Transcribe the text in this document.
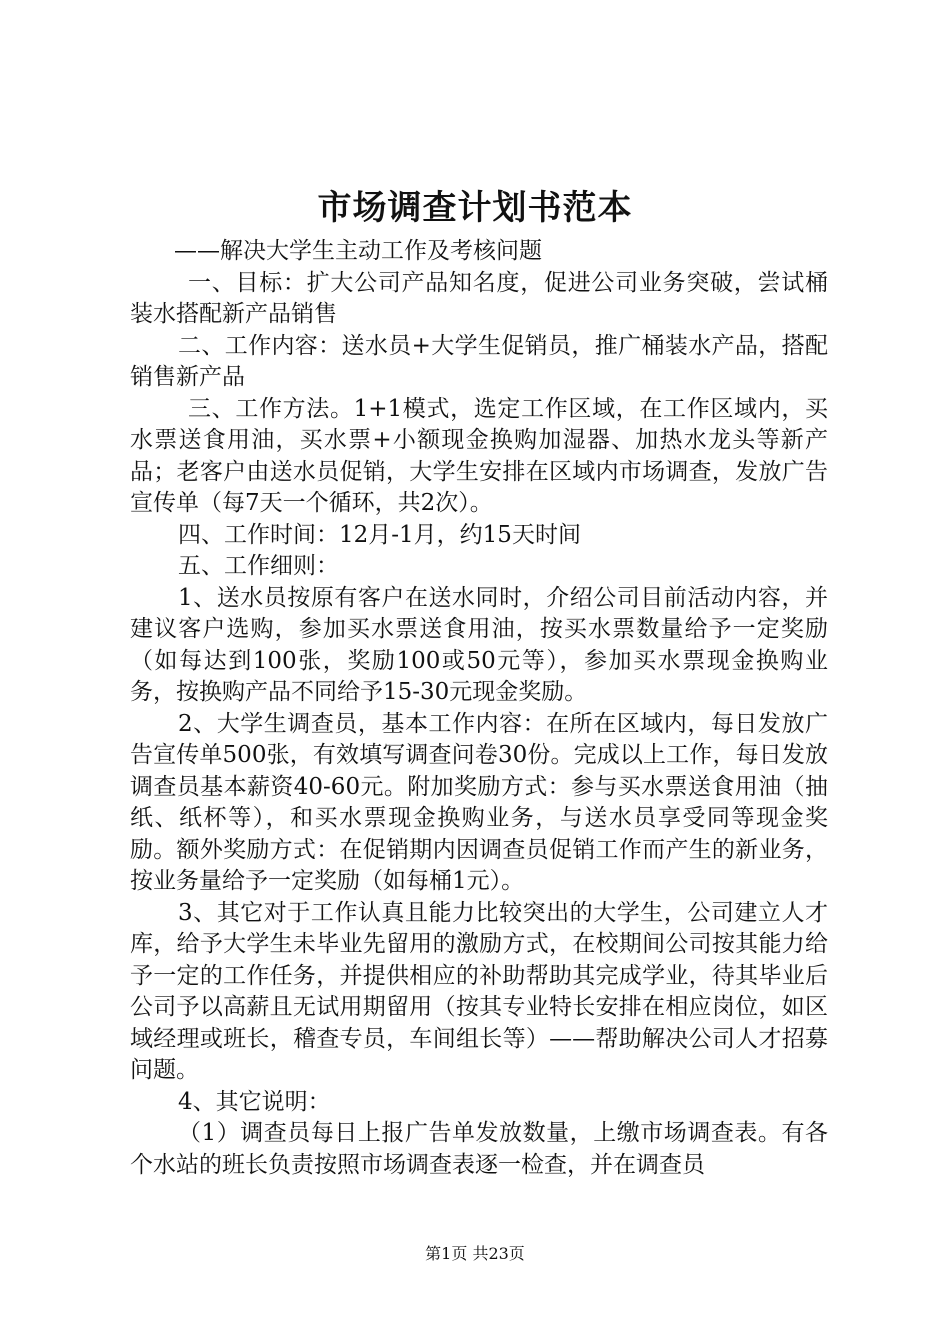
市场调查计划书范本

——解决大学生主动工作及考核问题

一、目标：扩大公司产品知名度，促进公司业务突破，尝试桶装水搭配新产品销售

二、工作内容：送水员+大学生促销员，推广桶装水产品，搭配销售新产品

三、工作方法。1+1模式，选定工作区域，在工作区域内，买水票送食用油，买水票+小额现金换购加湿器、加热水龙头等新产品；老客户由送水员促销，大学生安排在区域内市场调查，发放广告宣传单（每7天一个循环，共2次）。

四、工作时间：12月-1月，约15天时间

五、工作细则：

1、送水员按原有客户在送水同时，介绍公司目前活动内容，并建议客户选购，参加买水票送食用油，按买水票数量给予一定奖励（如每达到100张，奖励100或50元等），参加买水票现金换购业务，按换购产品不同给予15-30元现金奖励。

2、大学生调查员，基本工作内容：在所在区域内，每日发放广告宣传单500张，有效填写调查问卷30份。完成以上工作，每日发放调查员基本薪资40-60元。附加奖励方式：参与买水票送食用油（抽纸、纸杯等），和买水票现金换购业务，与送水员享受同等现金奖励。额外奖励方式：在促销期内因调查员促销工作而产生的新业务，按业务量给予一定奖励（如每桶1元）。

3、其它对于工作认真且能力比较突出的大学生，公司建立人才库，给予大学生未毕业先留用的激励方式，在校期间公司按其能力给予一定的工作任务，并提供相应的补助帮助其完成学业，待其毕业后公司予以高薪且无试用期留用（按其专业特长安排在相应岗位，如区域经理或班长，稽查专员，车间组长等）——帮助解决公司人才招募问题。

4、其它说明：

（1）调查员每日上报广告单发放数量，上缴市场调查表。有各个水站的班长负责按照市场调查表逐一检查，并在调查员

第1页 共23页
